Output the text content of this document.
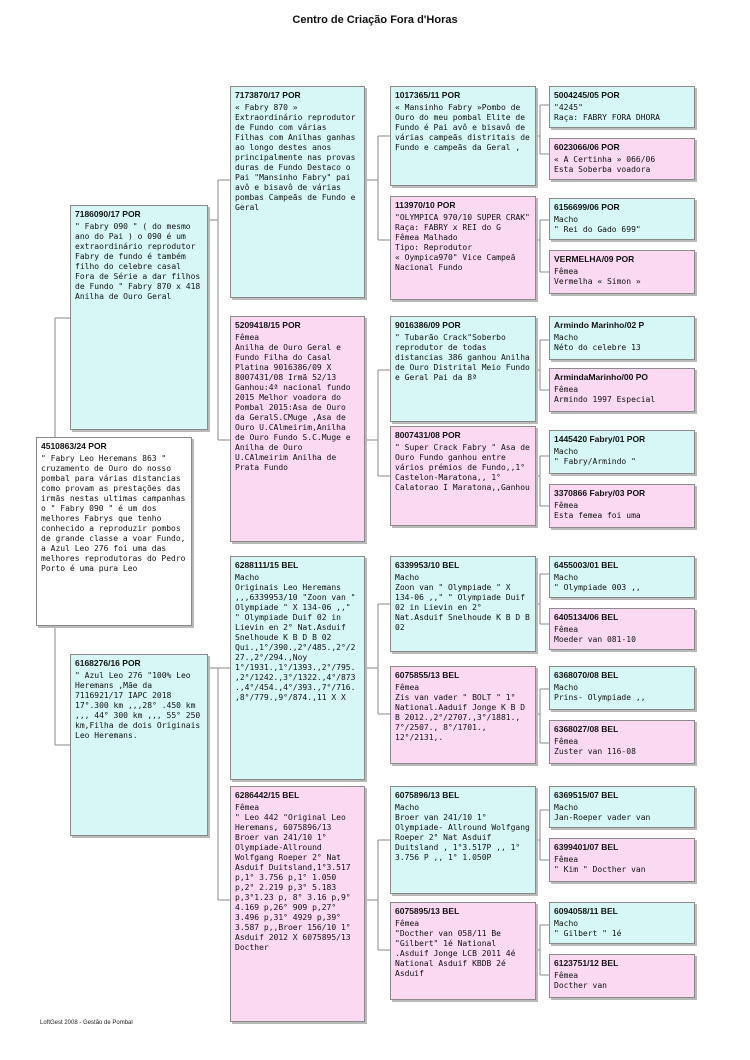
Centro de Criação Fora d'Horas
4510863/24 POR
" Fabry Leo Heremans 863 " cruzamento de Ouro do nosso pombal para várias distancias como provam as prestações das irmãs nestas ultimas campanhas o " Fabry 090 " é um dos melhores Fabrys que tenho conhecido a reproduzir pombos de grande classe a voar Fundo, a Azul Leo 276 foi uma das melhores reprodutoras do Pedro Porto é uma pura Leo
7186090/17 POR
" Fabry 090 " ( do mesmo ano do Pai ) o 090 é um extraordinário reprodutor Fabry de fundo é também filho do celebre casal Fora de Série a dar filhos de Fundo " Fabry 870 x 418 Anilha de Ouro Geral
6168276/16 POR
" Azul Leo 276 "100% Leo Heremans ,Mãe da 7116921/17 IAPC 2018 17°.300 km ,,,28° .450 km ,,, 44° 300 km ,,, 55° 250 km,Filha de dois Originais Leo Heremans.
7173870/17 POR
« Fabry 870 » Extraordinário reprodutor de Fundo com várias Filhas com Anilhas ganhas ao longo destes anos principalmente nas provas duras de Fundo Destaco o Pai "Mansinho Fabry" pai avô e bisavô de várias pombas Campeãs de Fundo e Geral
5209418/15 POR
Fêmea
Anilha de Ouro Geral e Fundo Filha do Casal Platina 9016386/09 X 8007431/08 Irmã 52/13 Ganhou:4ª nacional fundo 2015 Melhor voadora do Pombal 2015:Asa de Ouro da GeralS.CMuge ,Asa de Ouro U.CAlmeirim,Anilha de Ouro Fundo S.C.Muge e Anilha de Ouro U.CAlmeirim Anilha de Prata Fundo
6288111/15 BEL
Macho
Originais Leo Heremans ,,,6339953/10 "Zoon van " Olympiade " X 134-06 ,," " Olympiade Duif 02 in Lievin en 2° Nat.Asduif Snelhoude K B D B 02
Qui.,1°/390.,2°/485.,2°/227.,2°/294.,Noy 1°/1931.,1°/1393.,2°/795.,2°/1242.,3°/1322.,4°/873.,4°/454.,4°/393.,7°/716.,8°/779.,9°/874.,11 X X
6286442/15 BEL
Fêmea
" Leo 442 "Original Leo Heremans, 6075896/13 Broer van 241/10 1° Olympiade-Allround Wolfgang Roeper 2° Nat Asduif Duitsland,1°3.517 p,1° 3.756 p,1° 1.050 p,2° 2.219 p,3° 5.183 p,3°1.23 p, 8° 3.16 p,9° 4.169 p,26° 909 p,27° 3.496 p,31° 4929 p,39° 3.587 p,,Broer 156/10 1° Asduif 2012 X 6075895/13 Docther
1017365/11 POR
« Mansinho Fabry »Pombo de Ouro do meu pombal Elite de Fundo é Pai avô e bisavô de várias campeãs distritais de Fundo e campeãs da Geral ,
113970/10 POR
"OLYMPICA 970/10 SUPER CRAK"
Raça: FABRY x REI do G
Fêmea Malhado
Tipo: Reprodutor
« Oympica970" Vice Campeã Nacional Fundo
9016386/09 POR
" Tubarão Crack"Soberbo reprodutor de todas distancias 386 ganhou Anilha de Ouro Distrital Meio Fundo e Geral Pai da 8ª
8007431/08 POR
" Super Crack Fabry " Asa de Ouro Fundo ganhou entre vários prémios de Fundo,,1° Castelon-Maratona,, 1° Calatorao I Maratona,,Ganhou
6339953/10 BEL
Macho
Zoon van " Olympiade " X 134-06 ,," " Olympiade Duif 02 in Lievin en 2° Nat.Asduif Snelhoude K B D B 02
6075855/13 BEL
Fêmea
Zis van vader " BOLT " 1° National.Aaduif Jonge K B D B 2012.,2°/2707.,3°/1881., 7°/2507., 8°/1701., 12°/2131,.
6075896/13 BEL
Macho
Broer van 241/10 1° Olympiade- Allround Wolfgang Roeper 2° Nat Asduif Duitsland , 1°3.517P ,, 1° 3.756 P ,, 1° 1.050P
6075895/13 BEL
Fêmea
"Docther van 058/11 Be "Gilbert" 1é National .Asduif Jonge LCB 2011 4é National Asduif KBDB 2é Asduif
5004245/05 POR
"4245"
Raça: FABRY FORA DHORA
6023066/06 POR
« A Certinha » 066/06
Esta Soberba voadora
6156699/06 POR
Macho
" Rei do Gado 699"
VERMELHA/09 POR
Fêmea
Vermelha « Simon »
Armindo Marinho/02 P
Macho
Néto do celebre 13
ArmindaMarinho/00 PO
Fêmea
Armindo 1997 Especial
1445420 Fabry/01 POR
Macho
" Fabry/Armindo "
3370866 Fabry/03 POR
Fêmea
Esta femea foi uma
6455003/01 BEL
Macho
" Olympiade 003 ,,
6405134/06 BEL
Fêmea
Moeder van 081-10
6368070/08 BEL
Macho
Prins- Olympiade ,,
6368027/08 BEL
Fêmea
Zuster van 116-08
6369515/07 BEL
Macho
Jan-Roeper vader van
6399401/07 BEL
Fêmea
" Kim " Docther van
6094058/11 BEL
Macho
" Gilbert " 1é
6123751/12 BEL
Fêmea
Docther van
LoftGest 2008 - Gestão de Pombal
